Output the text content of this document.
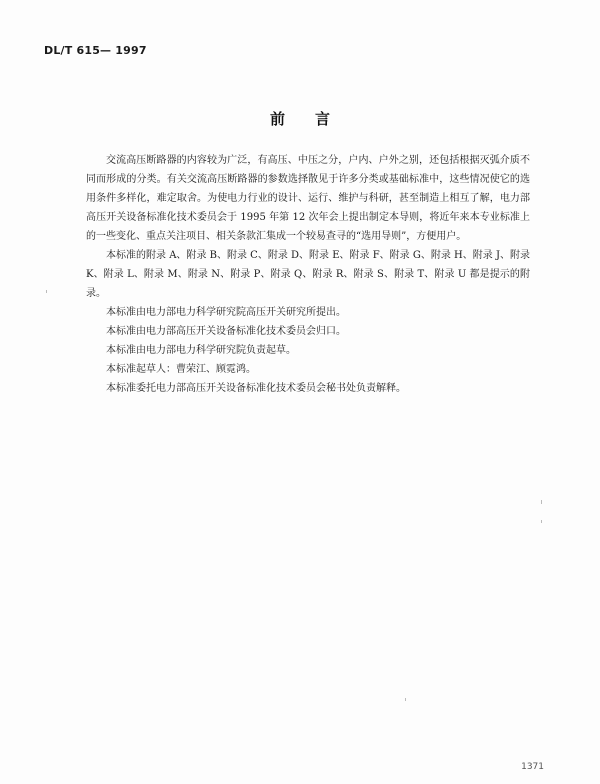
DL/T 615— 1997
前言

交流高压断路器的内容较为广泛，有高压、中压之分，户内、户外之别，还包括根据灭弧介质不同而形成的分类。有关交流高压断路器的参数选择散见于许多分类或基础标准中，这些情况使它的选用条件多样化，难定取舍。为使电力行业的设计、运行、维护与科研，甚至制造上相互了解，电力部高压开关设备标准化技术委员会于 1995 年第 12 次年会上提出制定本导则，将近年来本专业标准上的一些变化、重点关注项目、相关条款汇集成一个较易查寻的“选用导则”，方便用户。

本标准的附录 A、附录 B、附录 C、附录 D、附录 E、附录 F、附录 G、附录 H、附录 J、附录 K、附录 L、附录 M、附录 N、附录 P、附录 Q、附录 R、附录 S、附录 T、附录 U 都是提示的附录。

本标准由电力部电力科学研究院高压开关研究所提出。

本标准由电力部高压开关设备标准化技术委员会归口。

本标准由电力部电力科学研究院负责起草。

本标准起草人：曹荣江、顾霓鸿。

本标准委托电力部高压开关设备标准化技术委员会秘书处负责解释。

1371
